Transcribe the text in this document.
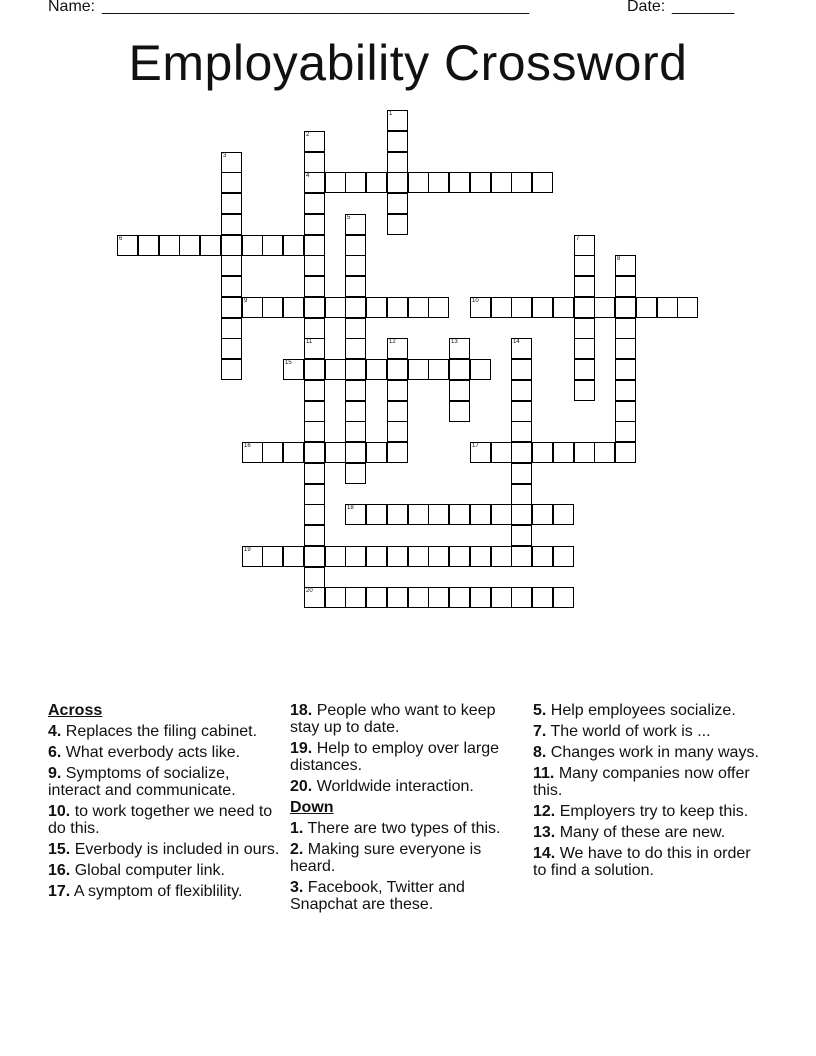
Name: ________________________________________________	Date: _______
Employability Crossword
1
2
4
11
20
3
5
6	7
8
9	10
12	13	14
15
16	17
18
19
Across
4. Replaces the filing cabinet.
6. What everbody acts like.
9. Symptoms of socialize, interact and communicate.
10. to work together we need to do this.
15. Everbody is included in ours.
16. Global computer link.
17. A symptom of flexiblility.
18. People who want to keep stay up to date.
19. Help to employ over large distances.
20. Worldwide interaction.
Down
1. There are two types of this.
2. Making sure everyone is heard.
3. Facebook, Twitter and Snapchat are these.
5. Help employees socialize.
7. The world of work is ...
8. Changes work in many ways.
11. Many companies now offer this.
12. Employers try to keep this.
13. Many of these are new.
14. We have to do this in order to find a solution.
